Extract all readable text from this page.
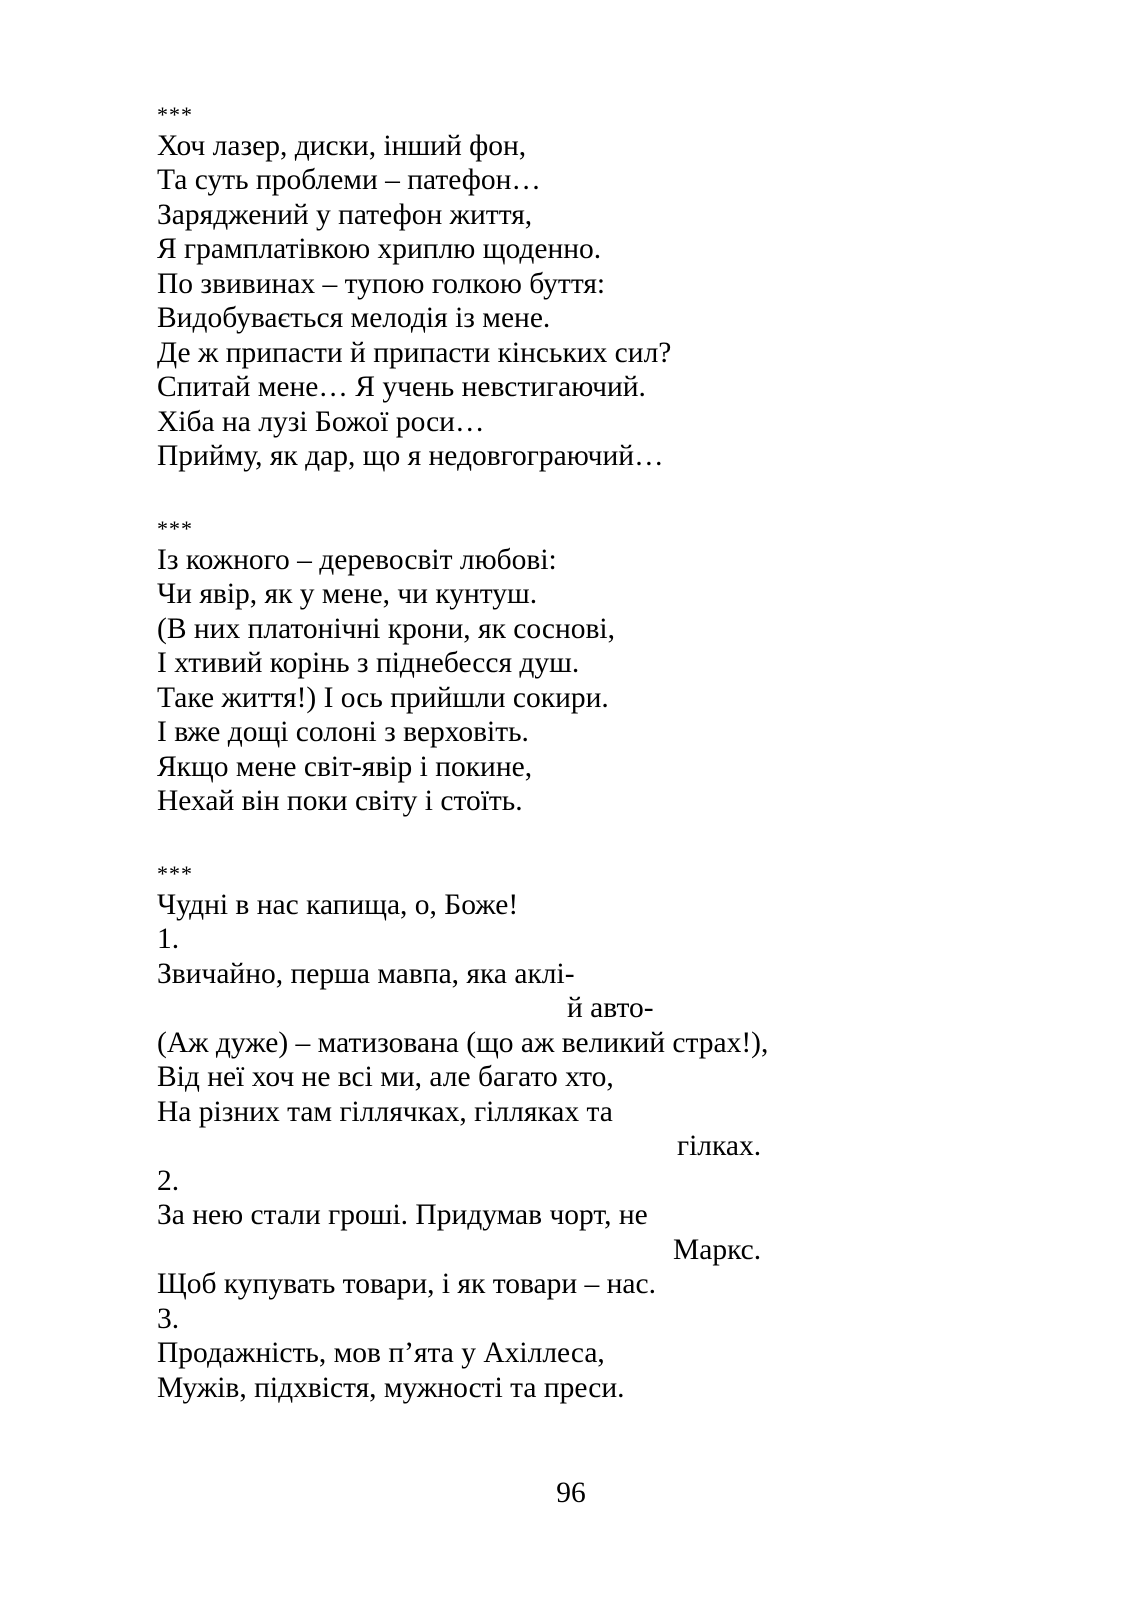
***
Хоч лазер, диски, інший фон,
Та суть проблеми – патефон…
Заряджений у патефон життя,
Я грамплатівкою хриплю щоденно.
По звивинах – тупою голкою буття:
Видобувається мелодія із мене.
Де ж припасти й припасти кінських сил?
Спитай мене… Я учень невстигаючий.
Хіба на лузі Божої роси…
Прийму, як дар, що я недовгограючий…
***
Із кожного – деревосвіт любові:
Чи явір, як у мене, чи кунтуш.
(В них платонічні крони, як соснові,
І хтивий корінь з піднебесся душ.
Таке життя!) І ось прийшли сокири.
І вже дощі солоні з верховіть.
Якщо мене світ-явір і покине,
Нехай він поки світу і стоїть.
***
Чудні в нас капища, о, Боже!
1.
Звичайно, перша мавпа, яка аклі-
й авто-
(Аж дуже) – матизована (що аж великий страх!),
Від неї хоч не всі ми, але багато хто,
На різних там гіллячках, гілляках та
гілках.
2.
За нею стали гроші. Придумав чорт, не
Маркс.
Щоб купувать товари, і як товари – нас.
3.
Продажність, мов п’ята у Ахіллеса,
Мужів, підхвістя, мужності та преси.
96
